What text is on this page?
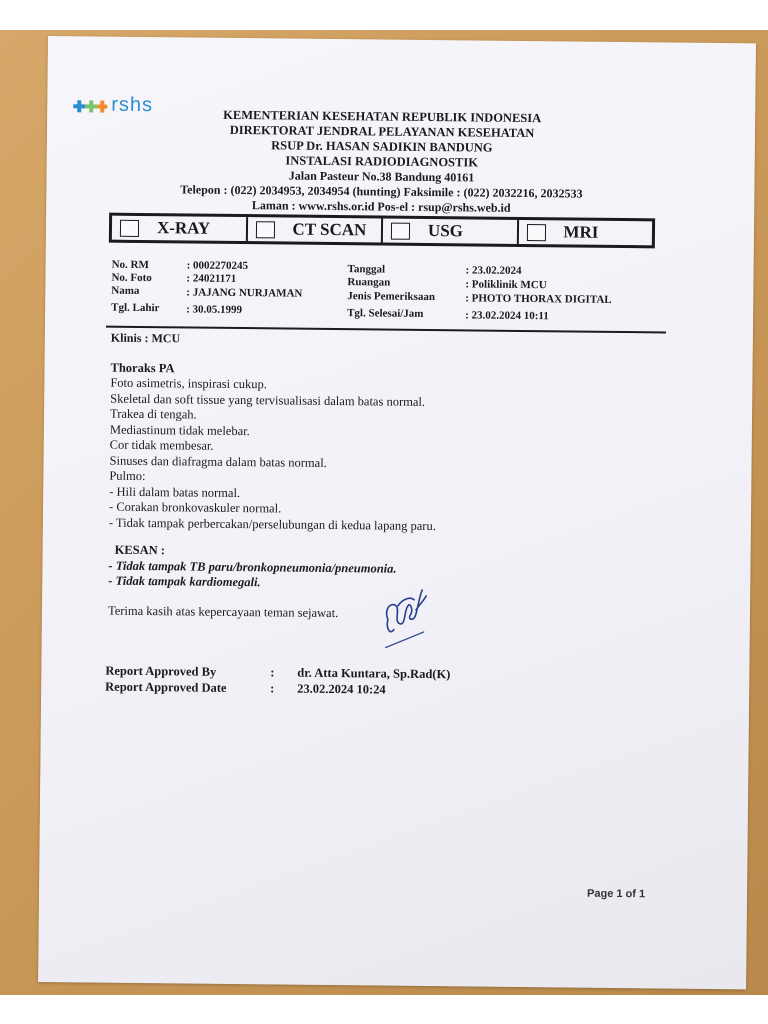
rshs
KEMENTERIAN KESEHATAN REPUBLIK INDONESIA
DIREKTORAT JENDRAL PELAYANAN KESEHATAN
RSUP Dr. HASAN SADIKIN BANDUNG
INSTALASI RADIODIAGNOSTIK
Jalan Pasteur No.38 Bandung 40161
Telepon : (022) 2034953, 2034954 (hunting) Faksimile : (022) 2032216, 2032533
Laman : www.rshs.or.id Pos-el : rsup@rshs.web.id
X-RAY	CT SCAN	USG	MRI
No. RM	: 0002270245
No. Foto	: 24021171
Nama	: JAJANG NURJAMAN
Tgl. Lahir : 30.05.1999
Tanggal	: 23.02.2024
Ruangan	: Poliklinik MCU
Jenis Pemeriksaan	: PHOTO THORAX DIGITAL
Tgl. Selesai/Jam	: 23.02.2024 10:11
Klinis : MCU
Thoraks PA
Foto asimetris, inspirasi cukup.
Skeletal dan soft tissue yang tervisualisasi dalam batas normal.
Trakea di tengah.
Mediastinum tidak melebar.
Cor tidak membesar.
Sinuses dan diafragma dalam batas normal.
Pulmo:
- Hili dalam batas normal.
- Corakan bronkovaskuler normal.
- Tidak tampak perbercakan/perselubungan di kedua lapang paru.
KESAN :
- Tidak tampak TB paru/bronkopneumonia/pneumonia.
- Tidak tampak kardiomegali.
Terima kasih atas kepercayaan teman sejawat.
Report Approved By	: dr. Atta Kuntara, Sp.Rad(K)
Report Approved Date	: 23.02.2024 10:24
Page 1 of 1
